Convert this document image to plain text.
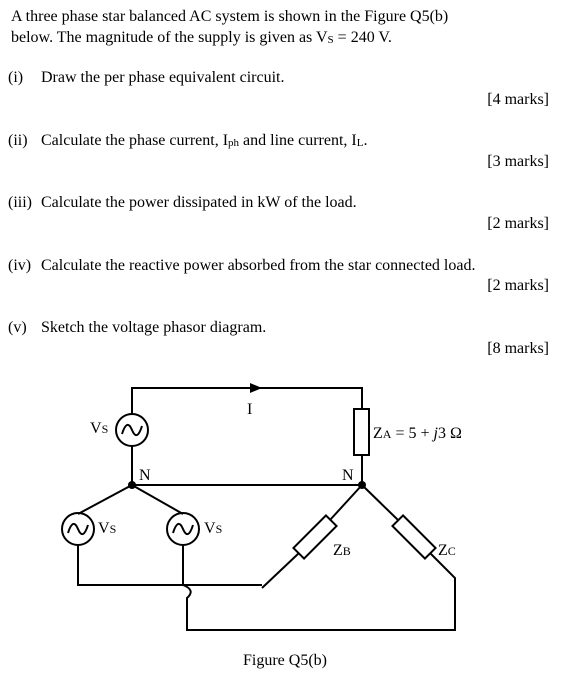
A three phase star balanced AC system is shown in the Figure Q5(b)
below. The magnitude of the supply is given as VS = 240 V.
(i) Draw the per phase equivalent circuit.
[4 marks]
(ii) Calculate the phase current, Iph and line current, IL.
[3 marks]
(iii) Calculate the power dissipated in kW of the load.
[2 marks]
(iv) Calculate the reactive power absorbed from the star connected load.
[2 marks]
(v) Sketch the voltage phasor diagram.
[8 marks]
I
VS
VS	VS
N	N
ZA = 5 + j3 Ω
ZB	ZC
Figure Q5(b)
